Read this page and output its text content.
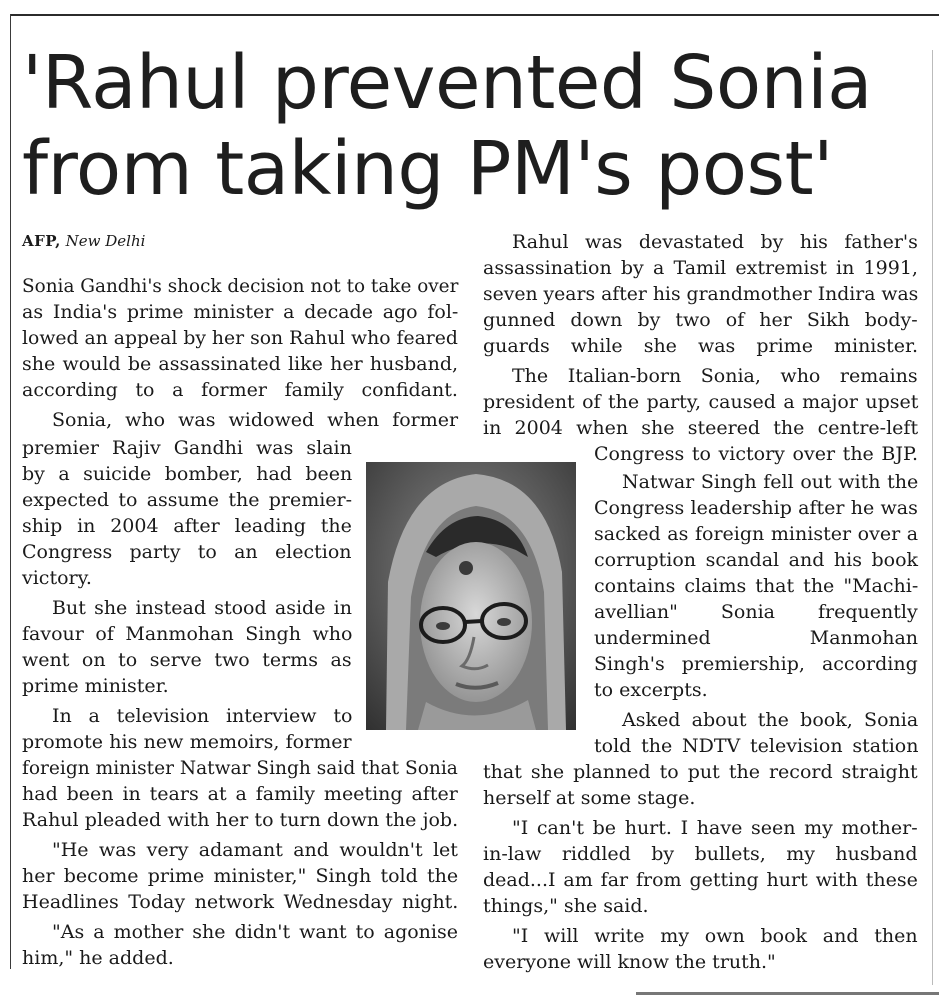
'Rahul prevented Sonia
from taking PM's post'
AFP, New Delhi
Sonia Gandhi's shock decision not to take over
as India's prime minister a decade ago fol-
lowed an appeal by her son Rahul who feared
she would be assassinated like her husband,
according to a former family confidant.
Sonia, who was widowed when former
premier Rajiv Gandhi was slain
by a suicide bomber, had been
expected to assume the premier-
ship in 2004 after leading the
Congress party to an election
victory.
But she instead stood aside in
favour of Manmohan Singh who
went on to serve two terms as
prime minister.
In a television interview to
promote his new memoirs, former
foreign minister Natwar Singh said that Sonia
had been in tears at a family meeting after
Rahul pleaded with her to turn down the job.
"He was very adamant and wouldn't let
her become prime minister," Singh told the
Headlines Today network Wednesday night.
"As a mother she didn't want to agonise
him," he added.
Rahul was devastated by his father's
assassination by a Tamil extremist in 1991,
seven years after his grandmother Indira was
gunned down by two of her Sikh body-
guards while she was prime minister.
The Italian-born Sonia, who remains
president of the party, caused a major upset
in 2004 when she steered the centre-left
Congress to victory over the BJP.
Natwar Singh fell out with the
Congress leadership after he was
sacked as foreign minister over a
corruption scandal and his book
contains claims that the "Machi-
avellian" Sonia frequently
undermined Manmohan
Singh's premiership, according
to excerpts.
Asked about the book, Sonia
told the NDTV television station
that she planned to put the record straight
herself at some stage.
"I can't be hurt. I have seen my mother-
in-law riddled by bullets, my husband
dead...I am far from getting hurt with these
things," she said.
"I will write my own book and then
everyone will know the truth."
